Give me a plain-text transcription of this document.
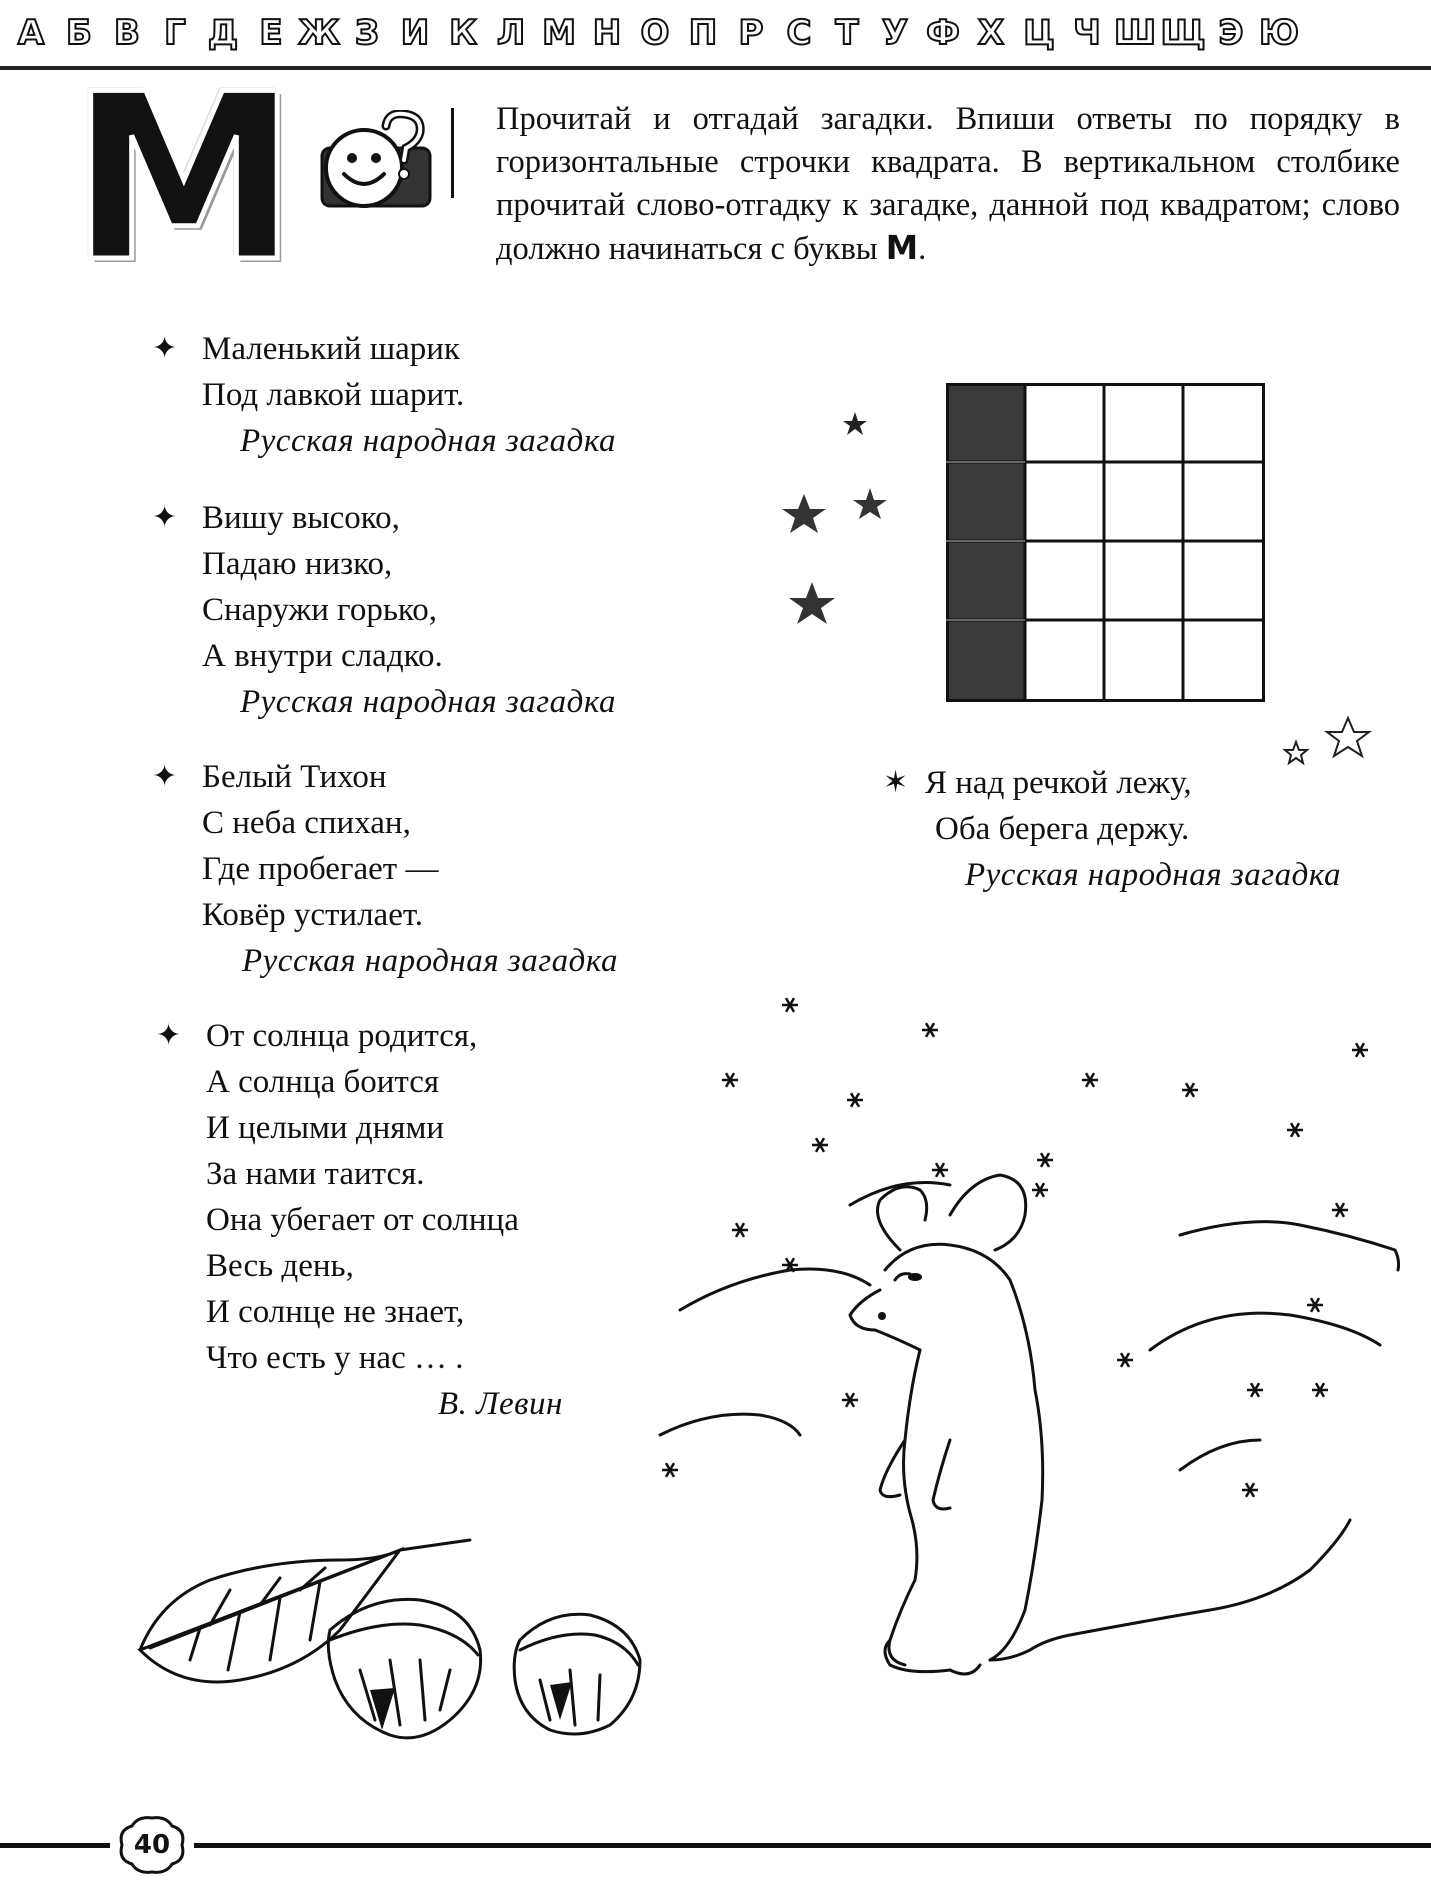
А Б В Г Д Е Ж З И К Л М Н О П Р С Т У Ф Х Ц Ч Ш Щ Э Ю
М	Прочитай и отгадай загадки. Впиши ответы по порядку в горизонтальные строчки квадрата. В вертикальном столбике прочитай слово-отгадку к загадке, данной под квадратом; слово должно начинаться с буквы М.
✦ Маленький шарик
Под лавкой шарит.
Русская народная загадка
✦ Вишу высоко,
Падаю низко,
Снаружи горько,
А внутри сладко.
Русская народная загадка
✦ Белый Тихон
С неба спихан,
Где пробегает —
Ковёр устилает.
Русская народная загадка
✦ От солнца родится,
А солнца боится
И целыми днями
За нами таится.
Она убегает от солнца
Весь день,
И солнце не знает,
Что есть у нас … .
В. Левин
✶ Я над речкой лежу,
Оба берега держу.
Русская народная загадка
40
